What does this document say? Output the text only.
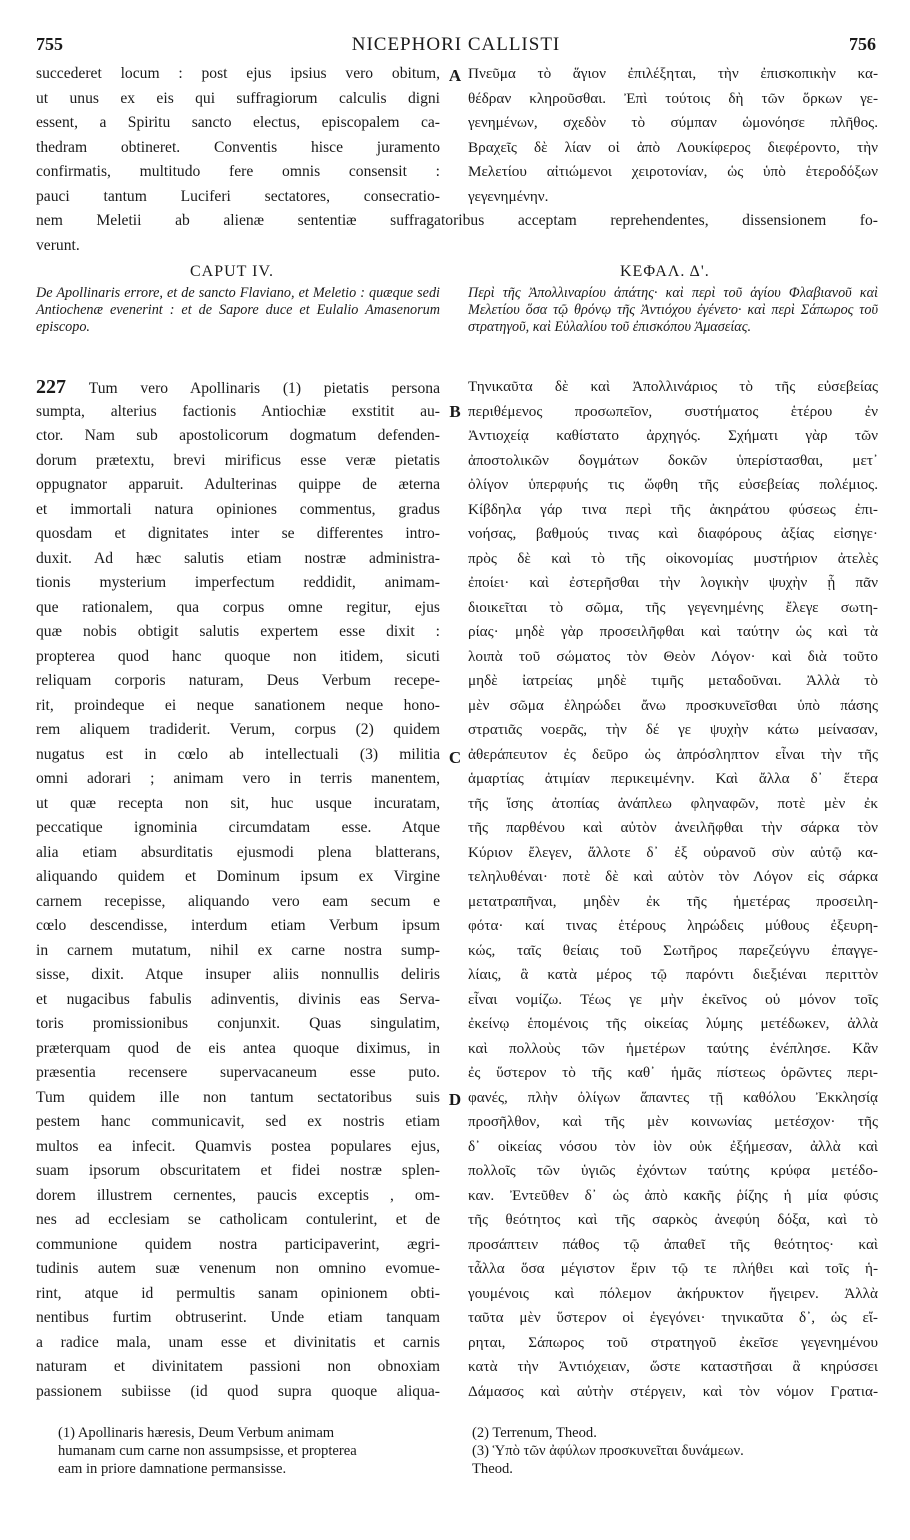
755	NICEPHORI CALLISTI	756
A
B
C
D
succederet locum : post ejus ipsius vero obitum,
ut unus ex eis qui suffragiorum calculis digni
essent, a Spiritu sancto electus, episcopalem ca-
thedram obtineret. Conventis hisce juramento
confirmatis, multitudo fere omnis consensit :
pauci tantum Luciferi sectatores, consecratio-
Πνεῦμα τὸ ἅγιον ἐπιλέξηται, τὴν ἐπισκοπικὴν κα-
θέδραν κληροῦσθαι. Ἐπὶ τούτοις δὴ τῶν ὅρκων γε-
γενημένων, σχεδὸν τὸ σύμπαν ὡμονόησε πλῆθος.
Βραχεῖς δὲ λίαν οἱ ἀπὸ Λουκίφερος διεφέροντο, τὴν
Μελετίου αἰτιώμενοι χειροτονίαν, ὡς ὑπὸ ἑτεροδόξων
γεγενημένην.
nem Meletii ab alienæ sententiæ suffragatoribus acceptam reprehendentes, dissensionem fo-
verunt.
CAPUT IV.	ΚΕΦΑΛ. Δ'.
De Apollinaris errore, et de sancto Flaviano, et Meletio : quæque sedi Antiochenæ evenerint : et de Sapore duce et Eulalio Amasenorum episcopo.
Περὶ τῆς Ἀπολλιναρίου ἀπάτης· καὶ περὶ τοῦ ἁγίου Φλαβιανοῦ καὶ Μελετίου ὅσα τῷ θρόνῳ τῆς Ἀντιόχου ἐγένετο· καὶ περὶ Σάπωρος τοῦ στρατηγοῦ, καὶ Εὐλαλίου τοῦ ἐπισκόπου Ἀμασείας.
227 Tum vero Apollinaris (1) pietatis persona
sumpta, alterius factionis Antiochiæ exstitit au-
ctor. Nam sub apostolicorum dogmatum defenden-
dorum prætextu, brevi mirificus esse veræ pietatis
oppugnator apparuit. Adulterinas quippe de æterna
et immortali natura opiniones commentus, gradus
quosdam et dignitates inter se differentes intro-
duxit. Ad hæc salutis etiam nostræ administra-
tionis mysterium imperfectum reddidit, animam-
que rationalem, qua corpus omne regitur, ejus
quæ nobis obtigit salutis expertem esse dixit :
propterea quod hanc quoque non itidem, sicuti
reliquam corporis naturam, Deus Verbum recepe-
rit, proindeque ei neque sanationem neque hono-
rem aliquem tradiderit. Verum, corpus (2) quidem
nugatus est in cœlo ab intellectuali (3) militia
omni adorari ; animam vero in terris manentem,
ut quæ recepta non sit, huc usque incuratam,
peccatique ignominia circumdatam esse. Atque
alia etiam absurditatis ejusmodi plena blatterans,
aliquando quidem et Dominum ipsum ex Virgine
carnem recepisse, aliquando vero eam secum e
cœlo descendisse, interdum etiam Verbum ipsum
in carnem mutatum, nihil ex carne nostra sump-
sisse, dixit. Atque insuper aliis nonnullis deliris
et nugacibus fabulis adinventis, divinis eas Serva-
toris promissionibus conjunxit. Quas singulatim,
præterquam quod de eis antea quoque diximus, in
præsentia recensere supervacaneum esse puto.
Tum quidem ille non tantum sectatoribus suis
pestem hanc communicavit, sed ex nostris etiam
multos ea infecit. Quamvis postea populares ejus,
suam ipsorum obscuritatem et fidei nostræ splen-
dorem illustrem cernentes, paucis exceptis , om-
nes ad ecclesiam se catholicam contulerint, et de
communione quidem nostra participaverint, ægri-
tudinis autem suæ venenum non omnino evomue-
rint, atque id permultis sanam opinionem obti-
nentibus furtim obtruserint. Unde etiam tanquam
a radice mala, unam esse et divinitatis et carnis
naturam et divinitatem passioni non obnoxiam
passionem subiisse (id quod supra quoque aliqua-
Τηνικαῦτα δὲ καὶ Ἀπολλινάριος τὸ τῆς εὐσεβείας
περιθέμενος προσωπεῖον, συστήματος ἑτέρου ἐν
Ἀντιοχείᾳ καθίστατο ἀρχηγός. Σχήματι γὰρ τῶν
ἀποστολικῶν δογμάτων δοκῶν ὑπερίστασθαι, μετ᾽
ὀλίγον ὑπερφυής τις ὤφθη τῆς εὐσεβείας πολέμιος.
Κίβδηλα γάρ τινα περὶ τῆς ἀκηράτου φύσεως ἐπι-
νοήσας, βαθμούς τινας καὶ διαφόρους ἀξίας εἰσηγε·
πρὸς δὲ καὶ τὸ τῆς οἰκονομίας μυστήριον ἀτελὲς
ἐποίει· καὶ ἐστερῆσθαι τὴν λογικὴν ψυχὴν ᾗ πᾶν
διοικεῖται τὸ σῶμα, τῆς γεγενημένης ἔλεγε σωτη-
ρίας· μηδὲ γὰρ προσειλῆφθαι καὶ ταύτην ὡς καὶ τὰ
λοιπὰ τοῦ σώματος τὸν Θεὸν Λόγον· καὶ διὰ τοῦτο
μηδὲ ἰατρείας μηδὲ τιμῆς μεταδοῦναι. Ἀλλὰ τὸ
μὲν σῶμα ἐληρώδει ἄνω προσκυνεῖσθαι ὑπὸ πάσης
στρατιᾶς νοερᾶς, τὴν δέ γε ψυχὴν κάτω μείνασαν,
ἀθεράπευτον ἐς δεῦρο ὡς ἀπρόσληπτον εἶναι τὴν τῆς
ἁμαρτίας ἀτιμίαν περικειμένην. Καὶ ἄλλα δ᾽ ἕτερα
τῆς ἴσης ἀτοπίας ἀνάπλεω φληναφῶν, ποτὲ μὲν ἐκ
τῆς παρθένου καὶ αὐτὸν ἀνειλῆφθαι τὴν σάρκα τὸν
Κύριον ἔλεγεν, ἄλλοτε δ᾽ ἐξ οὐρανοῦ σὺν αὐτῷ κα-
τεληλυθέναι· ποτὲ δὲ καὶ αὐτὸν τὸν Λόγον εἰς σάρκα
μετατραπῆναι, μηδὲν ἐκ τῆς ἡμετέρας προσειλη-
φότα· καί τινας ἑτέρους ληρώδεις μύθους ἐξευρη-
κώς, ταῖς θείαις τοῦ Σωτῆρος παρεζεύγνυ ἐπαγγε-
λίαις, ἃ κατὰ μέρος τῷ παρόντι διεξιέναι περιττὸν
εἶναι νομίζω. Τέως γε μὴν ἐκεῖνος οὐ μόνον τοῖς
ἐκείνῳ ἑπομένοις τῆς οἰκείας λύμης μετέδωκεν, ἀλλὰ
καὶ πολλοὺς τῶν ἡμετέρων ταύτης ἐνέπλησε. Κἂν
ἐς ὕστερον τὸ τῆς καθ᾽ ἡμᾶς πίστεως ὁρῶντες περι-
φανές, πλὴν ὀλίγων ἅπαντες τῇ καθόλου Ἐκκλησίᾳ
προσῆλθον, καὶ τῆς μὲν κοινωνίας μετέσχον· τῆς
δ᾽ οἰκείας νόσου τὸν ἰὸν οὐκ ἐξήμεσαν, ἀλλὰ καὶ
πολλοῖς τῶν ὑγιῶς ἐχόντων ταύτης κρύφα μετέδο-
καν. Ἐντεῦθεν δ᾽ ὡς ἀπὸ κακῆς ῥίζης ἡ μία φύσις
τῆς θεότητος καὶ τῆς σαρκὸς ἀνεφύη δόξα, καὶ τὸ
προσάπτειν πάθος τῷ ἀπαθεῖ τῆς θεότητος· καὶ
τἆλλα ὅσα μέγιστον ἔριν τῷ τε πλήθει καὶ τοῖς ἡ-
γουμένοις καὶ πόλεμον ἀκήρυκτον ἤγειρεν. Ἀλλὰ
ταῦτα μὲν ὕστερον οἱ ἐγεγόνει· τηνικαῦτα δ᾽, ὡς εἴ-
ρηται, Σάπωρος τοῦ στρατηγοῦ ἐκεῖσε γεγενημένου
κατὰ τὴν Ἀντιόχειαν, ὥστε καταστῆσαι ἃ κηρύσσει
Δάμασος καὶ αὐτὴν στέργειν, καὶ τὸν νόμον Γρατια-
(1) Apollinaris hæresis, Deum Verbum animam
humanam cum carne non assumpsisse, et propterea
eam in priore damnatione permansisse.
(2) Terrenum, Theod.
(3) Ὑπὸ τῶν ἀφύλων προσκυνεῖται δυνάμεων.
Theod.
